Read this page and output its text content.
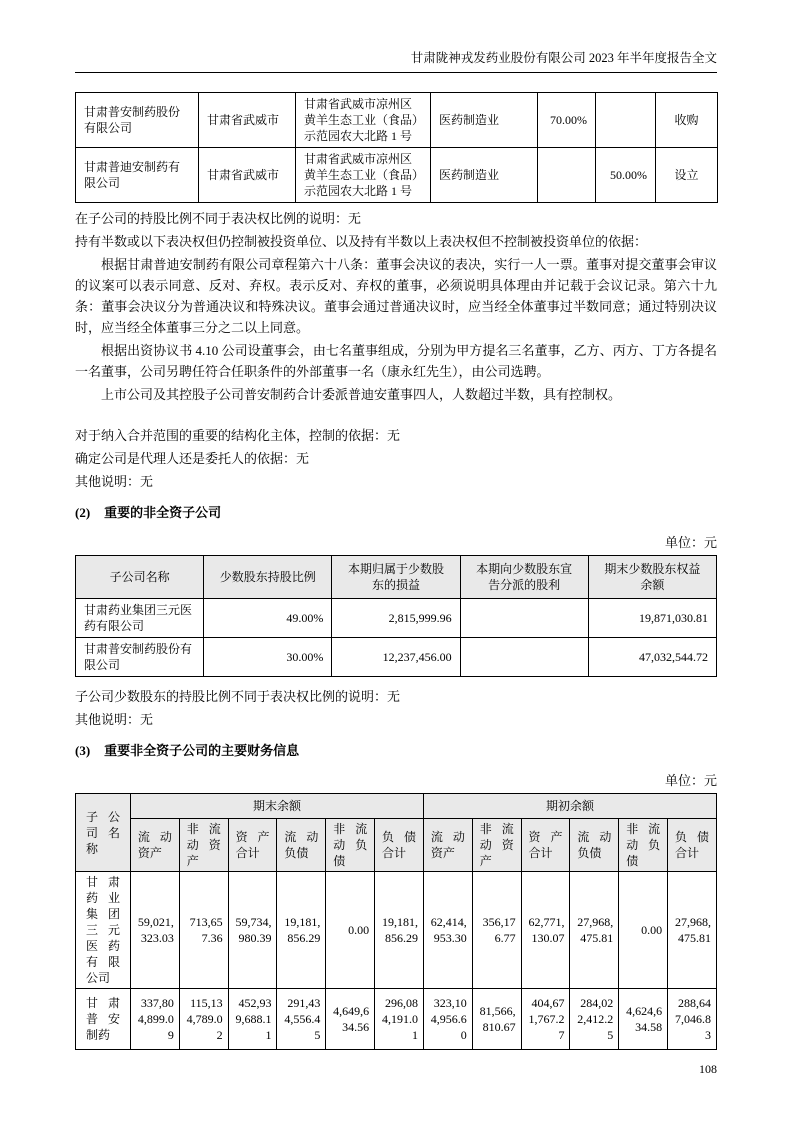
甘肃陇神戎发药业股份有限公司 2023 年半年度报告全文
甘肃普安制药股份有限公司	甘肃省武威市	甘肃省武威市凉州区黄羊生态工业（食品）示范园农大北路 1 号	医药制造业	70.00%		收购
甘肃普迪安制药有限公司	甘肃省武威市	甘肃省武威市凉州区黄羊生态工业（食品）示范园农大北路 1 号	医药制造业		50.00%	设立

在子公司的持股比例不同于表决权比例的说明：无

持有半数或以下表决权但仍控制被投资单位、以及持有半数以上表决权但不控制被投资单位的依据：

根据甘肃普迪安制药有限公司章程第六十八条：董事会决议的表决，实行一人一票。董事对提交董事会审议的议案可以表示同意、反对、弃权。表示反对、弃权的董事，必须说明具体理由并记载于会议记录。第六十九条：董事会决议分为普通决议和特殊决议。董事会通过普通决议时，应当经全体董事过半数同意；通过特别决议时，应当经全体董事三分之二以上同意。

根据出资协议书 4.10 公司设董事会，由七名董事组成，分别为甲方提名三名董事，乙方、丙方、丁方各提名一名董事，公司另聘任符合任职条件的外部董事一名（康永红先生），由公司选聘。

上市公司及其控股子公司普安制药合计委派普迪安董事四人，人数超过半数，具有控制权。

对于纳入合并范围的重要的结构化主体，控制的依据：无

确定公司是代理人还是委托人的依据：无

其他说明：无

(2) 重要的非全资子公司
单位：元
子公司名称	少数股东持股比例	本期归属于少数股东的损益	本期向少数股东宣告分派的股利	期末少数股东权益余额
甘肃药业集团三元医药有限公司	49.00%	2,815,999.96		19,871,030.81
甘肃普安制药股份有限公司	30.00%	12,237,456.00		47,032,544.72

子公司少数股东的持股比例不同于表决权比例的说明：无

其他说明：无

(3) 重要非全资子公司的主要财务信息
单位：元
子公司名称	期末余额						期初余额					

	流动资产	非流动资产	资产合计	流动负债	非流动负债	负债合计	流动资产	非流动资产	资产合计	流动负债	非流动负债	负债合计

甘肃药业集团三元医药有限公司	59,021,323.03	713,657.36	59,734,980.39	19,181,856.29	0.00	19,181,856.29	62,414,953.30	356,176.77	62,771,130.07	27,968,475.81	0.00	27,968,475.81

甘肃普安制药	337,804,899.09	115,134,789.02	452,939,688.11	291,434,556.45	4,649,634.56	296,084,191.01	323,104,956.60	81,566,810.67	404,671,767.27	284,022,412.25	4,624,634.58	288,647,046.83
108
